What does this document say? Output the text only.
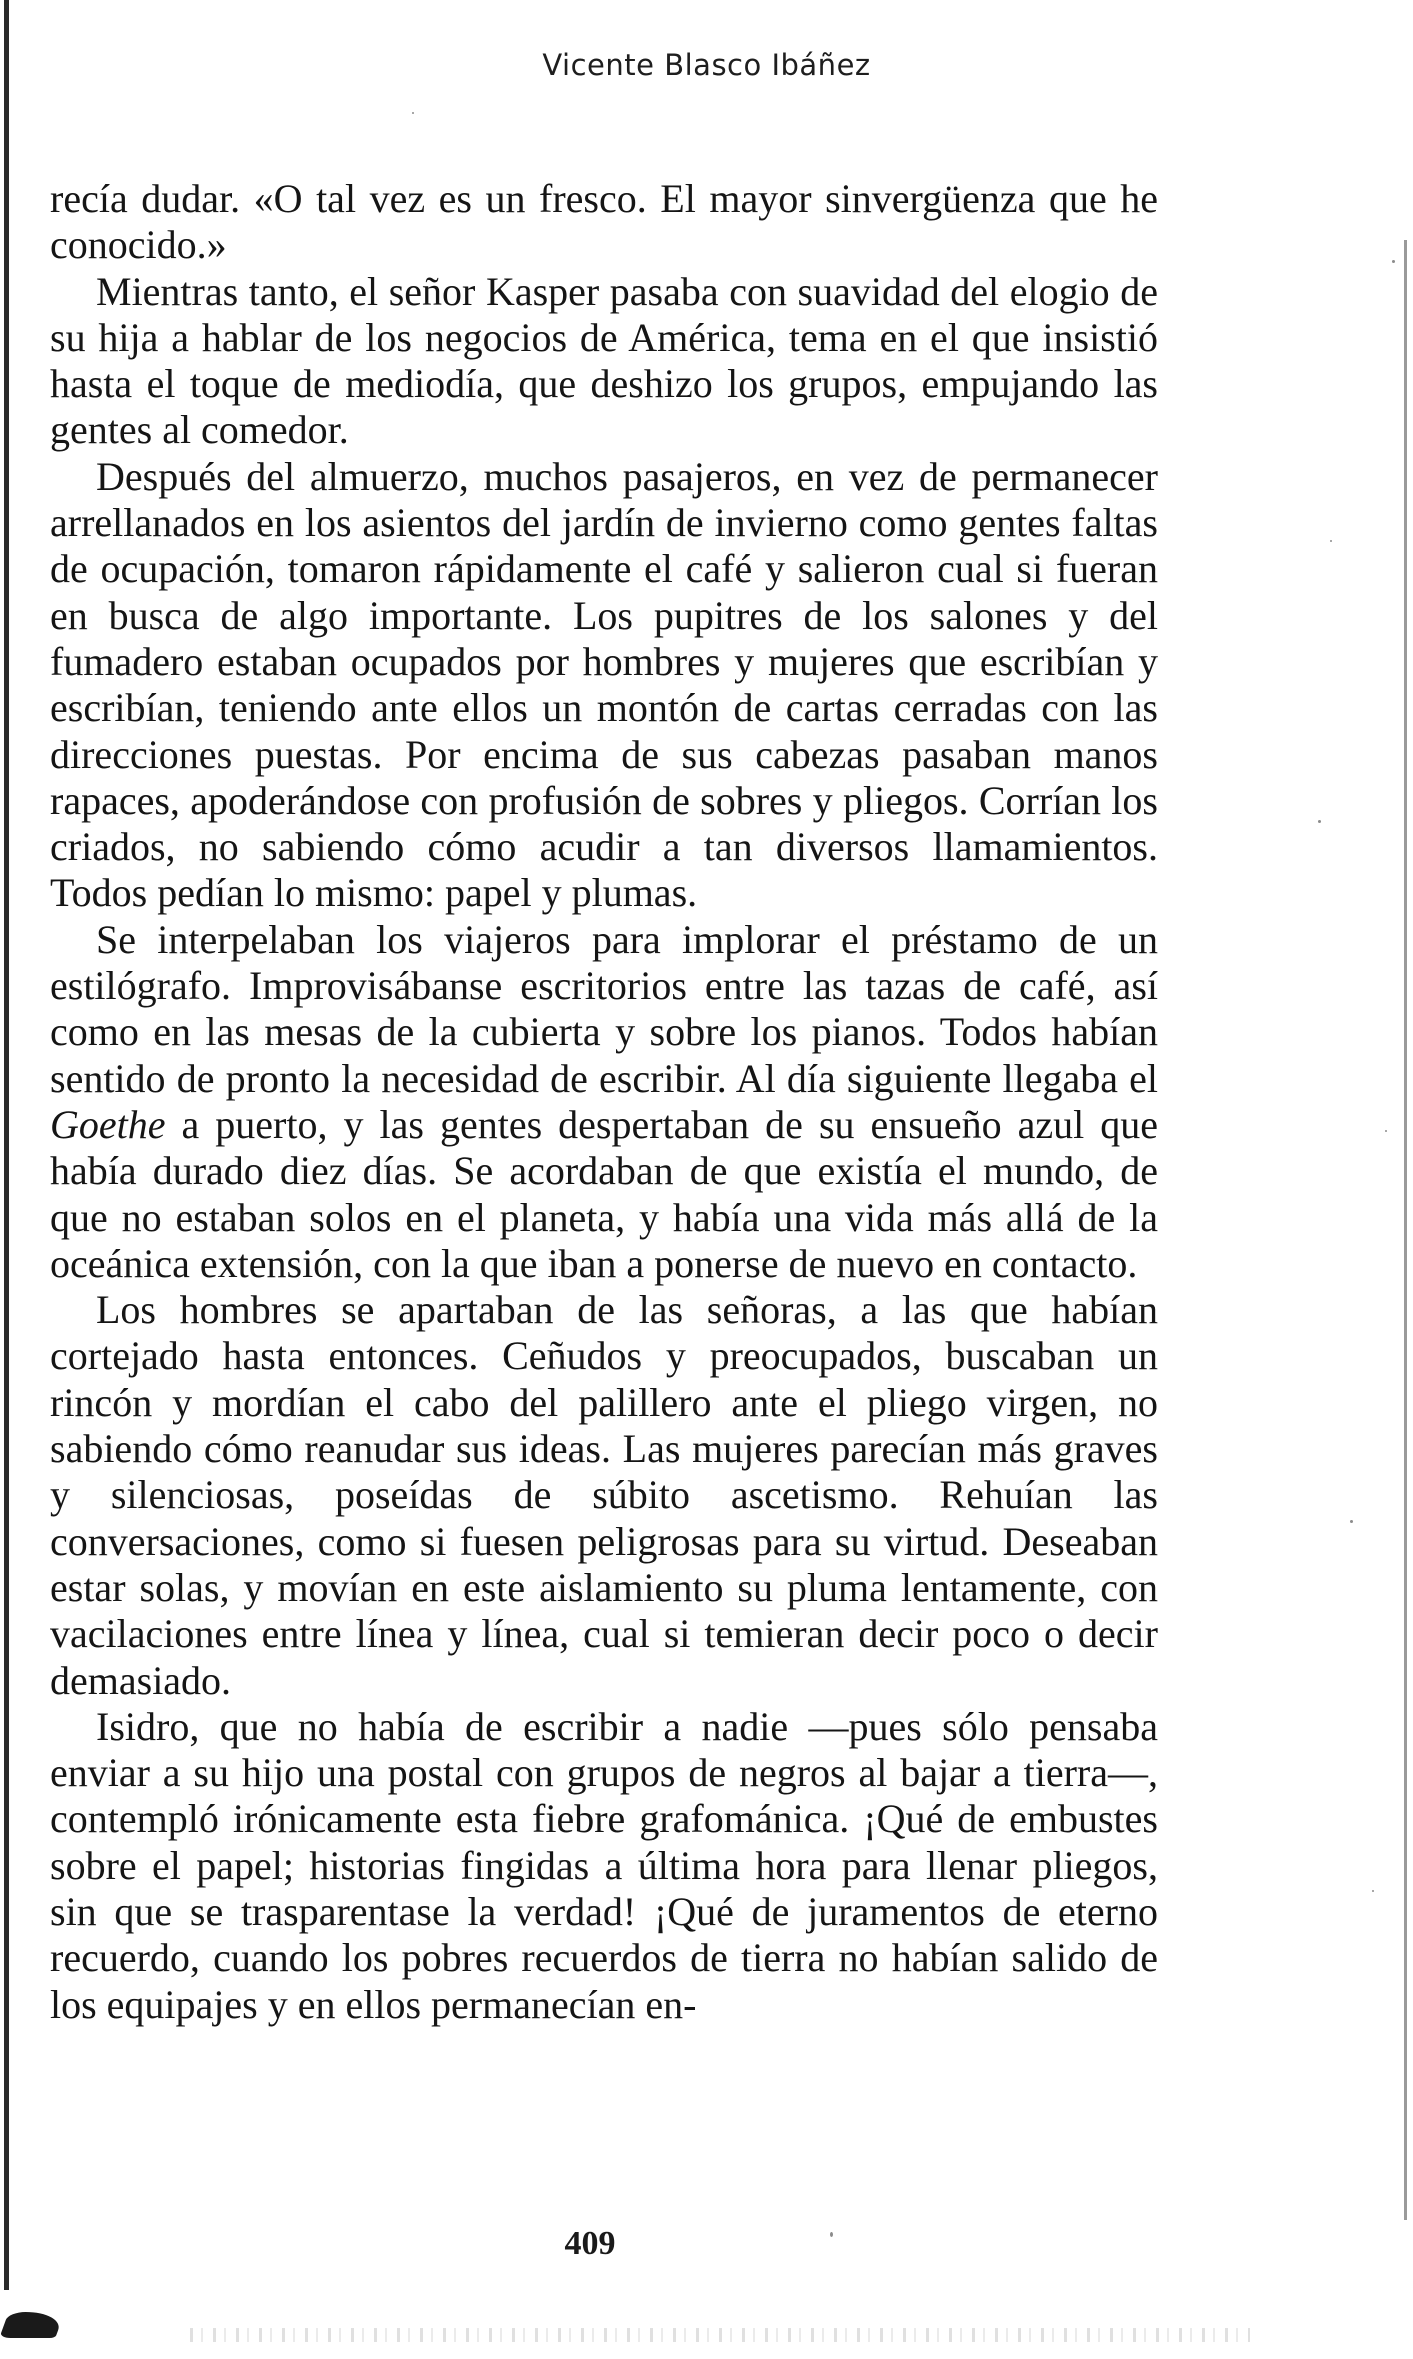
Vicente Blasco Ibáñez

recía dudar. «O tal vez es un fresco. El mayor sinvergüenza que he conocido.»

Mientras tanto, el señor Kasper pasaba con suavidad del elogio de su hija a hablar de los negocios de América, tema en el que insistió hasta el toque de mediodía, que deshizo los grupos, empujando las gentes al comedor.

Después del almuerzo, muchos pasajeros, en vez de permanecer arrellanados en los asientos del jardín de invierno como gentes faltas de ocupación, tomaron rápidamente el café y salieron cual si fueran en busca de algo importante. Los pupitres de los salones y del fumadero estaban ocupados por hombres y mujeres que escribían y escribían, teniendo ante ellos un montón de cartas cerradas con las direcciones puestas. Por encima de sus cabezas pasaban manos rapaces, apoderándose con profusión de sobres y pliegos. Corrían los criados, no sabiendo cómo acudir a tan diversos llamamientos. Todos pedían lo mismo: papel y plumas.

Se interpelaban los viajeros para implorar el préstamo de un estilógrafo. Improvisábanse escritorios entre las tazas de café, así como en las mesas de la cubierta y sobre los pianos. Todos habían sentido de pronto la necesidad de escribir. Al día siguiente llegaba el Goethe a puerto, y las gentes despertaban de su ensueño azul que había durado diez días. Se acordaban de que existía el mundo, de que no estaban solos en el planeta, y había una vida más allá de la oceánica extensión, con la que iban a ponerse de nuevo en contacto.

Los hombres se apartaban de las señoras, a las que habían cortejado hasta entonces. Ceñudos y preocupados, buscaban un rincón y mordían el cabo del palillero ante el pliego virgen, no sabiendo cómo reanudar sus ideas. Las mujeres parecían más graves y silenciosas, poseídas de súbito ascetismo. Rehuían las conversaciones, como si fuesen peligrosas para su virtud. Deseaban estar solas, y movían en este aislamiento su pluma lentamente, con vacilaciones entre línea y línea, cual si temieran decir poco o decir demasiado.

Isidro, que no había de escribir a nadie —pues sólo pensaba enviar a su hijo una postal con grupos de negros al bajar a tierra—, contempló irónicamente esta fiebre grafománica. ¡Qué de embustes sobre el papel; historias fingidas a última hora para llenar pliegos, sin que se trasparentase la verdad! ¡Qué de juramentos de eterno recuerdo, cuando los pobres recuerdos de tierra no habían salido de los equipajes y en ellos permanecían en-

409
